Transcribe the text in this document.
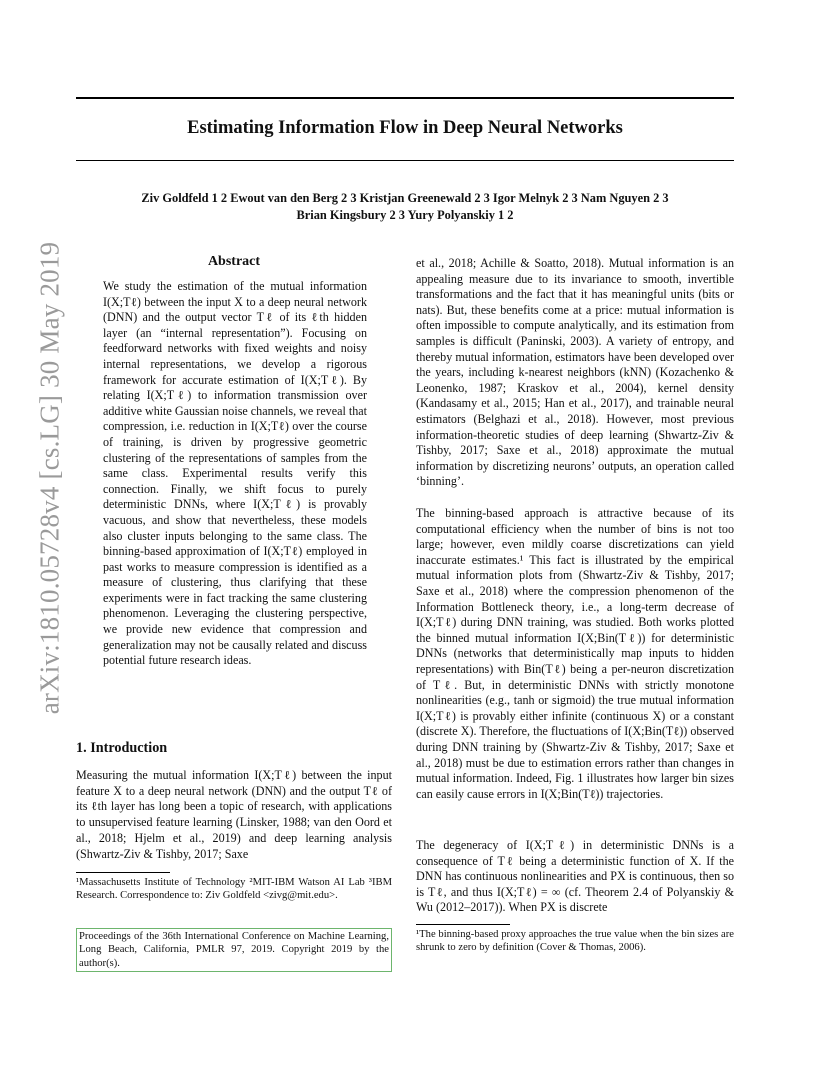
Estimating Information Flow in Deep Neural Networks
Ziv Goldfeld 1 2 Ewout van den Berg 2 3 Kristjan Greenewald 2 3 Igor Melnyk 2 3 Nam Nguyen 2 3
Brian Kingsbury 2 3 Yury Polyanskiy 1 2
arXiv:1810.05728v4 [cs.LG] 30 May 2019	Abstract
We study the estimation of the mutual information I(X;Tℓ) between the input X to a deep neural network (DNN) and the output vector Tℓ of its ℓth hidden layer (an “internal representation”). Focusing on feedforward networks with fixed weights and noisy internal representations, we develop a rigorous framework for accurate estimation of I(X;Tℓ). By relating I(X;Tℓ) to information transmission over additive white Gaussian noise channels, we reveal that compression, i.e. reduction in I(X;Tℓ) over the course of training, is driven by progressive geometric clustering of the representations of samples from the same class. Experimental results verify this connection. Finally, we shift focus to purely deterministic DNNs, where I(X;Tℓ) is provably vacuous, and show that nevertheless, these models also cluster inputs belonging to the same class. The binning-based approximation of I(X;Tℓ) employed in past works to measure compression is identified as a measure of clustering, thus clarifying that these experiments were in fact tracking the same clustering phenomenon. Leveraging the clustering perspective, we provide new evidence that compression and generalization may not be causally related and discuss potential future research ideas.
1. Introduction
Measuring the mutual information I(X;Tℓ) between the input feature X to a deep neural network (DNN) and the output Tℓ of its ℓth layer has long been a topic of research, with applications to unsupervised feature learning (Linsker, 1988; van den Oord et al., 2018; Hjelm et al., 2019) and deep learning analysis (Shwartz-Ziv & Tishby, 2017; Saxe
¹Massachusetts Institute of Technology ²MIT-IBM Watson AI Lab ³IBM Research. Correspondence to: Ziv Goldfeld <zivg@mit.edu>.
Proceedings of the 36th International Conference on Machine Learning, Long Beach, California, PMLR 97, 2019. Copyright 2019 by the author(s).
et al., 2018; Achille & Soatto, 2018). Mutual information is an appealing measure due to its invariance to smooth, invertible transformations and the fact that it has meaningful units (bits or nats). But, these benefits come at a price: mutual information is often impossible to compute analytically, and its estimation from samples is difficult (Paninski, 2003). A variety of entropy, and thereby mutual information, estimators have been developed over the years, including k-nearest neighbors (kNN) (Kozachenko & Leonenko, 1987; Kraskov et al., 2004), kernel density (Kandasamy et al., 2015; Han et al., 2017), and trainable neural estimators (Belghazi et al., 2018). However, most previous information-theoretic studies of deep learning (Shwartz-Ziv & Tishby, 2017; Saxe et al., 2018) approximate the mutual information by discretizing neurons’ outputs, an operation called ‘binning’.
The binning-based approach is attractive because of its computational efficiency when the number of bins is not too large; however, even mildly coarse discretizations can yield inaccurate estimates.¹ This fact is illustrated by the empirical mutual information plots from (Shwartz-Ziv & Tishby, 2017; Saxe et al., 2018) where the compression phenomenon of the Information Bottleneck theory, i.e., a long-term decrease of I(X;Tℓ) during DNN training, was studied. Both works plotted the binned mutual information I(X;Bin(Tℓ)) for deterministic DNNs (networks that deterministically map inputs to hidden representations) with Bin(Tℓ) being a per-neuron discretization of Tℓ. But, in deterministic DNNs with strictly monotone nonlinearities (e.g., tanh or sigmoid) the true mutual information I(X;Tℓ) is provably either infinite (continuous X) or a constant (discrete X). Therefore, the fluctuations of I(X;Bin(Tℓ)) observed during DNN training by (Shwartz-Ziv & Tishby, 2017; Saxe et al., 2018) must be due to estimation errors rather than changes in mutual information. Indeed, Fig. 1 illustrates how larger bin sizes can easily cause errors in I(X;Bin(Tℓ)) trajectories.
The degeneracy of I(X;Tℓ) in deterministic DNNs is a consequence of Tℓ being a deterministic function of X. If the DNN has continuous nonlinearities and PX is continuous, then so is Tℓ, and thus I(X;Tℓ) = ∞ (cf. Theorem 2.4 of Polyanskiy & Wu (2012–2017)). When PX is discrete
¹The binning-based proxy approaches the true value when the bin sizes are shrunk to zero by definition (Cover & Thomas, 2006).
